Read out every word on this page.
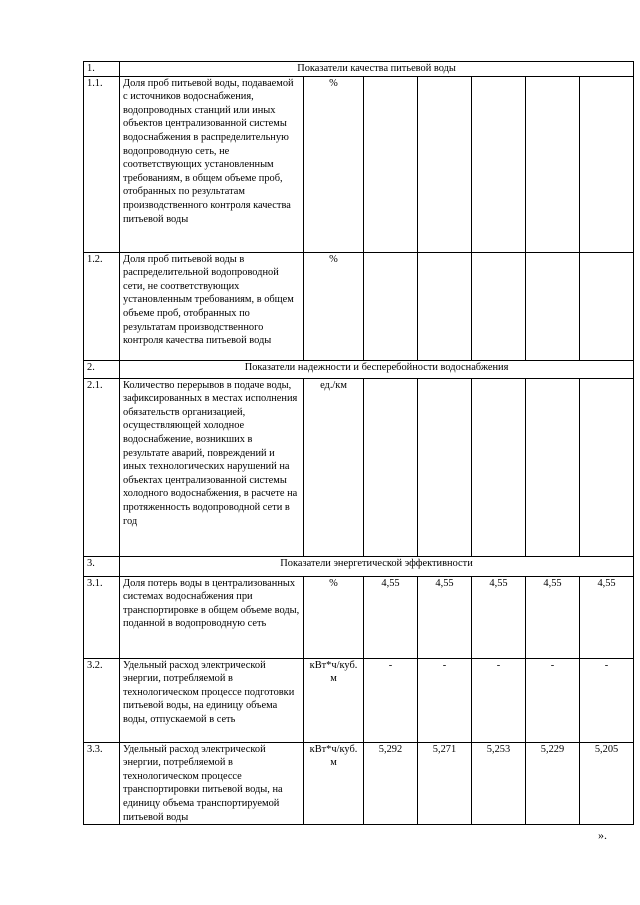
1.	Показатели качества питьевой воды						
1.1.	Доля проб питьевой воды, подаваемой с источников водоснабжения, водопроводных станций или иных объектов централизованной системы водоснабжения в распределительную водопроводную сеть, не соответствующих установленным требованиям, в общем объеме проб, отобранных по результатам производственного контроля качества питьевой воды	%					
1.2.	Доля проб питьевой воды в распределительной водопроводной сети, не соответствующих установленным требованиям, в общем объеме проб, отобранных по результатам производственного контроля качества питьевой воды	%					
2.	Показатели надежности и бесперебойности водоснабжения						
2.1.	Количество перерывов в подаче воды, зафиксированных в местах исполнения обязательств организацией, осуществляющей холодное водоснабжение, возникших в результате аварий, повреждений и иных технологических нарушений на объектах централизованной системы холодного водоснабжения, в расчете на протяженность водопроводной сети в год	ед./км					
3.	Показатели энергетической эффективности						
3.1.	Доля потерь воды в централизованных системах водоснабжения при транспортировке в общем объеме воды, поданной в водопроводную сеть	%	4,55	4,55	4,55	4,55	4,55
3.2.	Удельный расход электрической энергии, потребляемой в технологическом процессе подготовки питьевой воды, на единицу объема воды, отпускаемой в сеть	кВт*ч/куб. м	-	-	-	-	-
3.3.	Удельный расход электрической энергии, потребляемой в технологическом процессе транспортировки питьевой воды, на единицу объема транспортируемой питьевой воды	кВт*ч/куб. м	5,292	5,271	5,253	5,229	5,205
».
